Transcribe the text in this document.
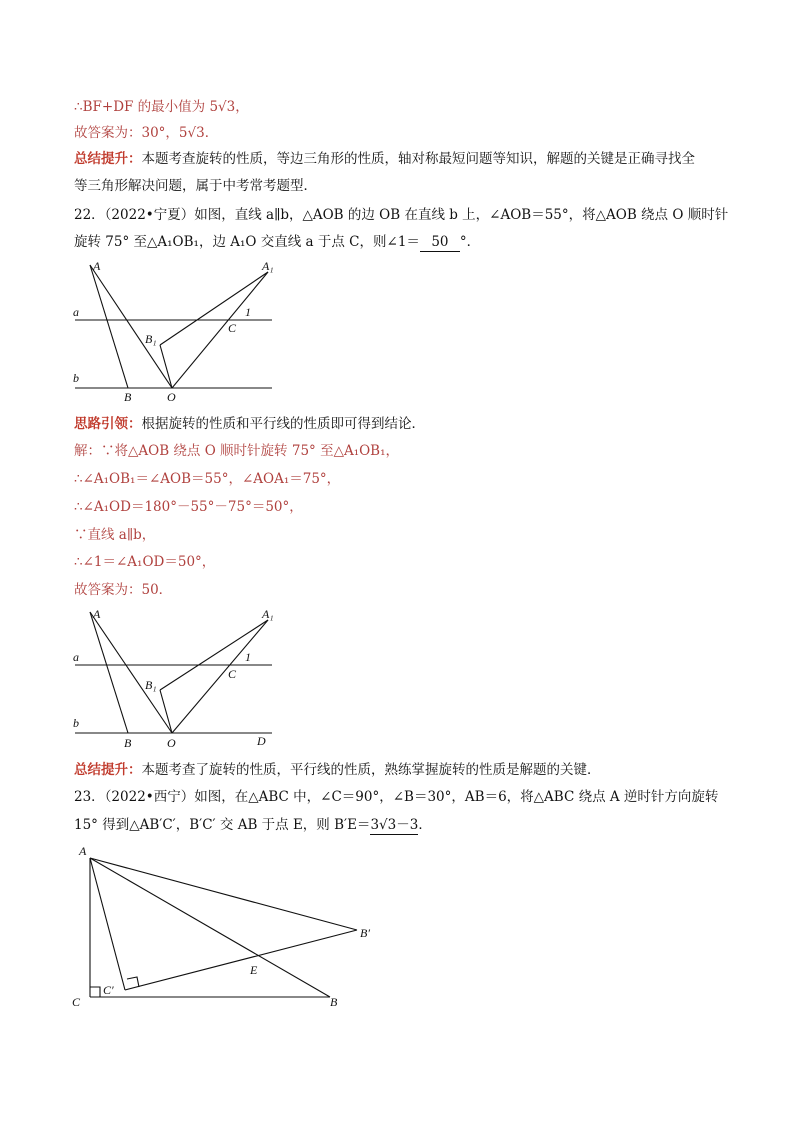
∴BF+DF 的最小值为 5√3，
故答案为：30°，5√3．
总结提升：本题考查旋转的性质，等边三角形的性质，轴对称最短问题等知识，解题的关键是正确寻找全
等三角形解决问题，属于中考常考题型．
22．（2022•宁夏）如图，直线 a∥b，△AOB 的边 OB 在直线 b 上，∠AOB＝55°，将△AOB 绕点 O 顺时针
旋转 75° 至△A₁OB₁，边 A₁O 交直线 a 于点 C，则∠1＝ 50 °．
A	A₁
a
b
B	O
B₁
C
1
A	A₁
a
b
B	O
B₁
C
1
D
A
C	B
B′
C′
E
思路引领：根据旋转的性质和平行线的性质即可得到结论．
解：∵将△AOB 绕点 O 顺时针旋转 75° 至△A₁OB₁，
∴∠A₁OB₁＝∠AOB＝55°，∠AOA₁＝75°，
∴∠A₁OD＝180°－55°－75°＝50°，
∵直线 a∥b，
∴∠1＝∠A₁OD＝50°，
故答案为：50．
总结提升：本题考查了旋转的性质，平行线的性质，熟练掌握旋转的性质是解题的关键．
23．（2022•西宁）如图，在△ABC 中，∠C＝90°，∠B＝30°，AB＝6，将△ABC 绕点 A 逆时针方向旋转
15° 得到△AB′C′，B′C′ 交 AB 于点 E，则 B′E＝3√3－3．
